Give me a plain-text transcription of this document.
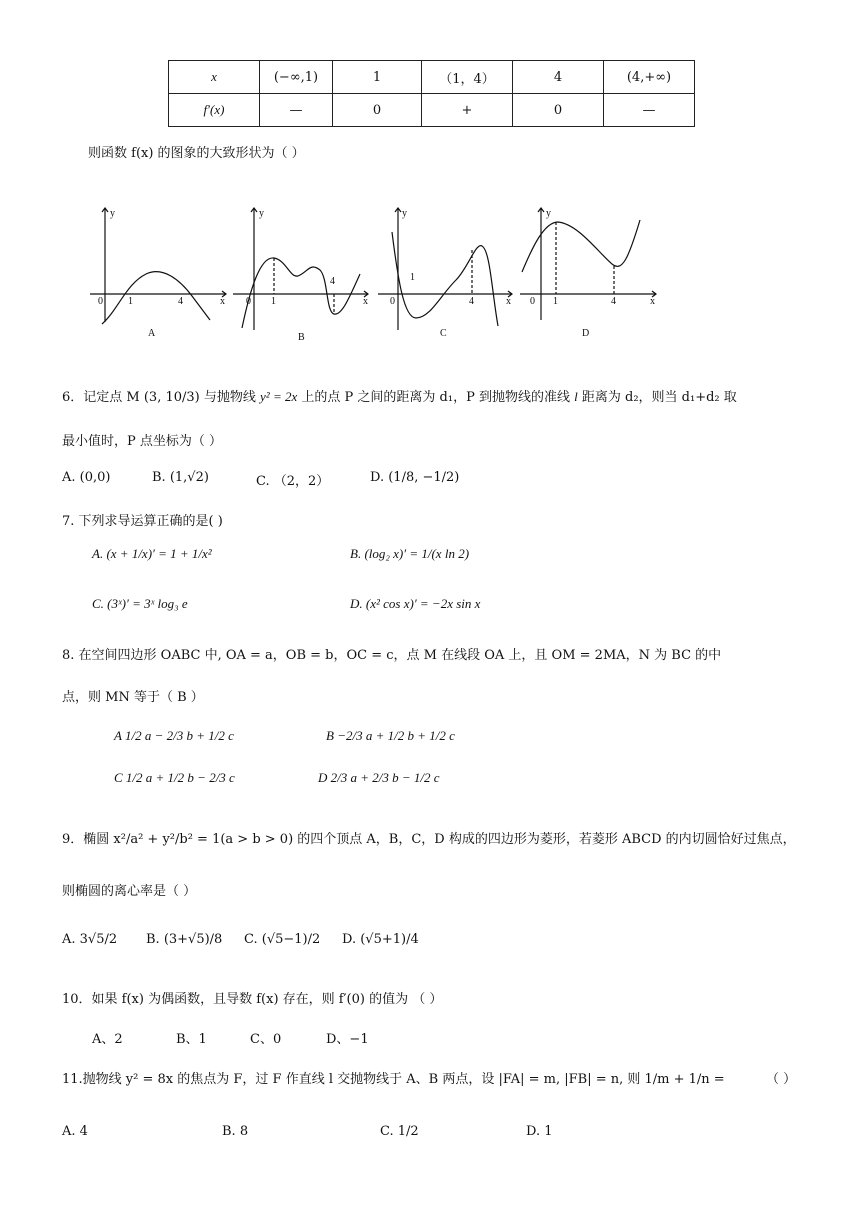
x	(−∞,1)	1	（1，4）	4	(4,+∞)
f′(x)	—	0	+	0	—
则函数 f(x) 的图象的大致形状为（ ）
y
x
0	1	4
A
y
x
0 1
4
B
y
x
0
1
4
C
y
x
0 1	4
D
6．记定点 M (3, 10/3) 与抛物线 y² = 2x 上的点 P 之间的距离为 d₁，P 到抛物线的准线 l 距离为 d₂，则当 d₁+d₂ 取
最小值时，P 点坐标为（ ）
A. (0,0)	B. (1,√2)	C. （2，2）	D. (1/8, −1/2)
7. 下列求导运算正确的是( )
A. (x + 1/x)′ = 1 + 1/x²	B. (log₂ x)′ = 1/(x ln 2)
C. (3ˣ)′ = 3ˣ log₃ e	D. (x² cos x)′ = −2x sin x
8. 在空间四边形 OABC 中, OA = a，OB = b，OC = c，点 M 在线段 OA 上，且 OM = 2MA，N 为 BC 的中
点，则 MN 等于（ B ）
A 1/2 a − 2/3 b + 1/2 c	B −2/3 a + 1/2 b + 1/2 c
C 1/2 a + 1/2 b − 2/3 c	D 2/3 a + 2/3 b − 1/2 c
9．椭圆 x²/a² + y²/b² = 1(a > b > 0) 的四个顶点 A，B，C，D 构成的四边形为菱形，若菱形 ABCD 的内切圆恰好过焦点，
则椭圆的离心率是（ ）
A. 3√5/2 B. (3+√5)/8 C. (√5−1)/2 D. (√5+1)/4
10．如果 f(x) 为偶函数，且导数 f(x) 存在，则 f′(0) 的值为 （ ）
A、2	B、1	C、0	D、−1
11.抛物线 y² = 8x 的焦点为 F，过 F 作直线 l 交抛物线于 A、B 两点，设 |FA| = m, |FB| = n, 则 1/m + 1/n =	（ ）
A. 4	B. 8	C. 1/2	D. 1
